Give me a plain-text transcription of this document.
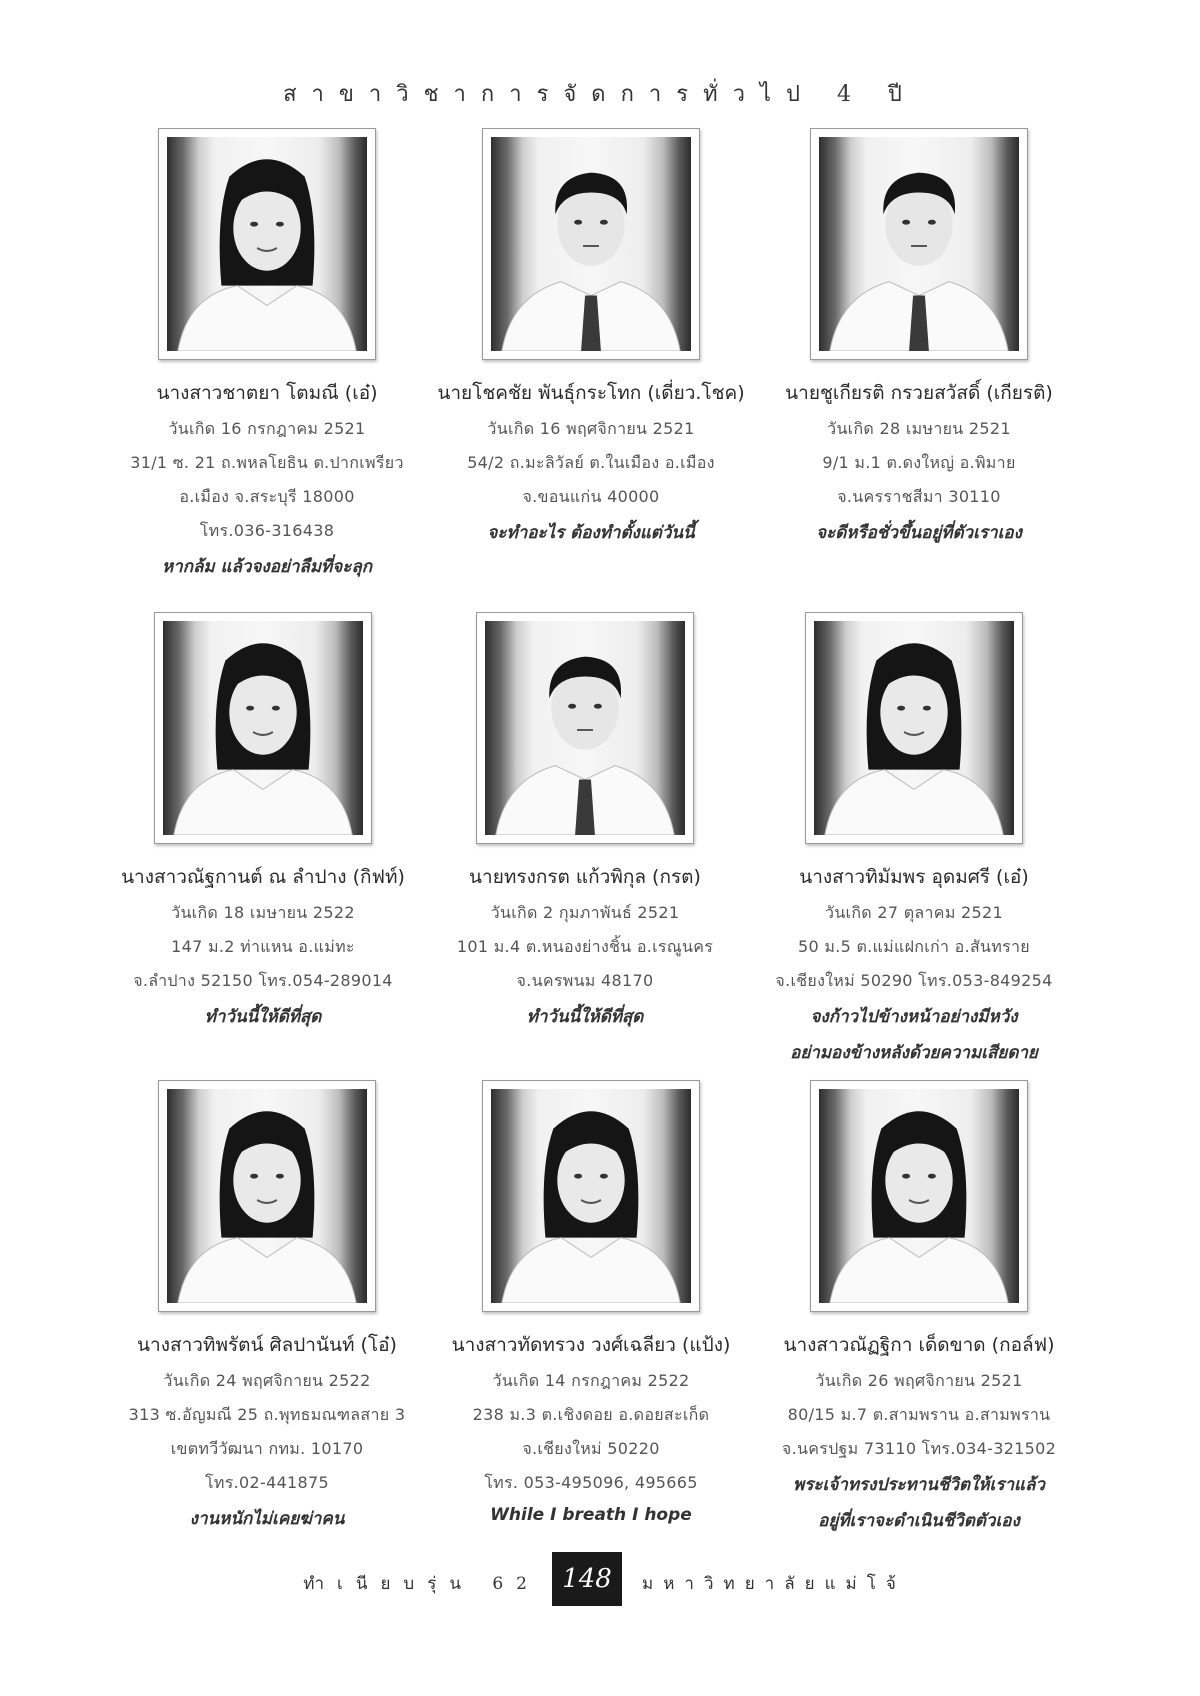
สาขาวิชาการจัดการทั่วไป 4 ปี
นางสาวชาตยา โตมณี (เอ๋)
วันเกิด 16 กรกฎาคม 2521
31/1 ซ. 21 ถ.พหลโยธิน ต.ปากเพรียว
อ.เมือง จ.สระบุรี 18000
โทร.036-316438
หากล้ม แล้วจงอย่าลืมที่จะลุก
นายโชคชัย พันธุ์กระโทก (เดี่ยว.โชค)
วันเกิด 16 พฤศจิกายน 2521
54/2 ถ.มะลิวัลย์ ต.ในเมือง อ.เมือง
จ.ขอนแก่น 40000
จะทำอะไร ต้องทำตั้งแต่วันนี้
นายชูเกียรติ กรวยสวัสดิ์ (เกียรติ)
วันเกิด 28 เมษายน 2521
9/1 ม.1 ต.ดงใหญ่ อ.พิมาย
จ.นครราชสีมา 30110
จะดีหรือชั่วขึ้นอยู่ที่ตัวเราเอง
นางสาวณัฐกานต์ ณ ลำปาง (กิฟท์)
วันเกิด 18 เมษายน 2522
147 ม.2 ท่าแหน อ.แม่ทะ
จ.ลำปาง 52150 โทร.054-289014
ทำวันนี้ให้ดีที่สุด
นายทรงกรต แก้วพิกุล (กรต)
วันเกิด 2 กุมภาพันธ์ 2521
101 ม.4 ต.หนองย่างชิ้น อ.เรณูนคร
จ.นครพนม 48170
ทำวันนี้ให้ดีที่สุด
นางสาวทิมัมพร อุดมศรี (เอ๋)
วันเกิด 27 ตุลาคม 2521
50 ม.5 ต.แม่แฝกเก่า อ.สันทราย
จ.เชียงใหม่ 50290 โทร.053-849254
จงก้าวไปข้างหน้าอย่างมีหวัง
อย่ามองข้างหลังด้วยความเสียดาย
นางสาวทิพรัตน์ ศิลปานันท์ (โอ๋)
วันเกิด 24 พฤศจิกายน 2522
313 ซ.อัญมณี 25 ถ.พุทธมณฑลสาย 3
เขตทวีวัฒนา กทม. 10170
โทร.02-441875
งานหนักไม่เคยฆ่าคน
นางสาวทัดทรวง วงศ์เฉลียว (แป้ง)
วันเกิด 14 กรกฎาคม 2522
238 ม.3 ต.เชิงดอย อ.ดอยสะเก็ด
จ.เชียงใหม่ 50220
โทร. 053-495096, 495665
While I breath I hope
นางสาวณัฏฐิกา เด็ดขาด (กอล์ฟ)
วันเกิด 26 พฤศจิกายน 2521
80/15 ม.7 ต.สามพราน อ.สามพราน
จ.นครปฐม 73110 โทร.034-321502
พระเจ้าทรงประทานชีวิตให้เราแล้ว
อยู่ที่เราจะดำเนินชีวิตตัวเอง
ทำเนียบรุ่น 62 148	มหาวิทยาลัยแม่โจ้
